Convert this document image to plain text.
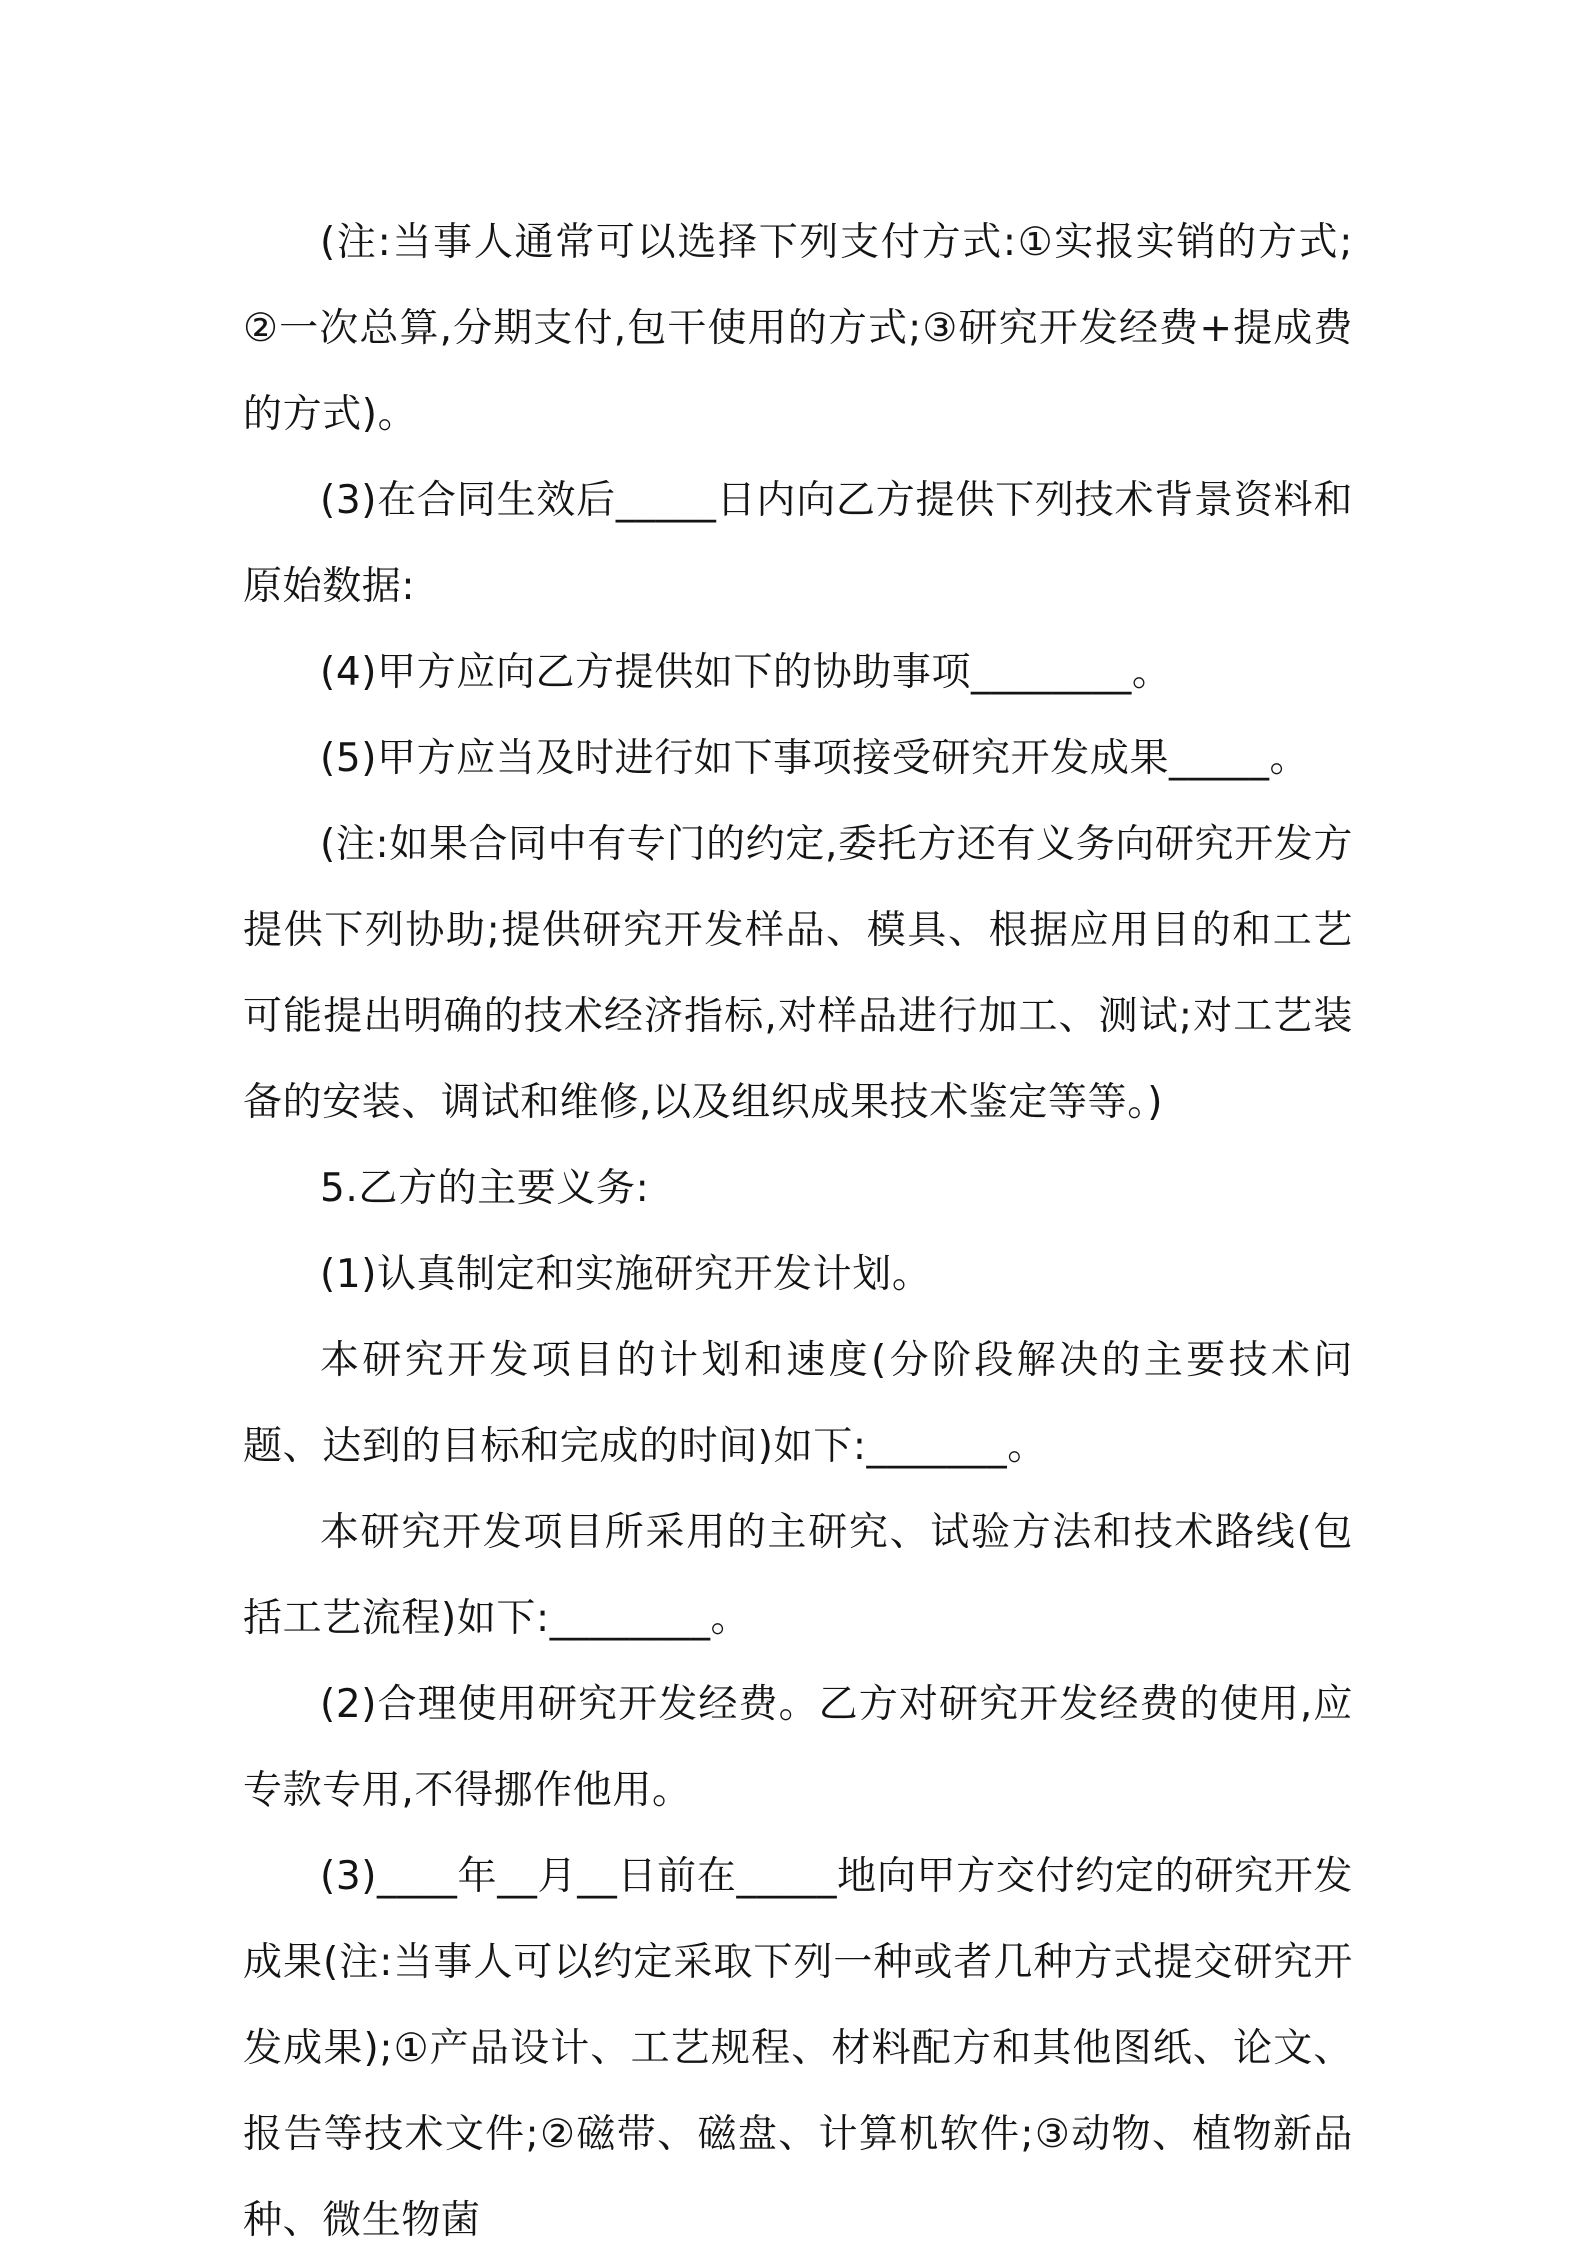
(注:当事人通常可以选择下列支付方式:①实报实销的方式;②一次总算,分期支付,包干使用的方式;③研究开发经费+提成费的方式)。

(3)在合同生效后_____日内向乙方提供下列技术背景资料和原始数据:

(4)甲方应向乙方提供如下的协助事项________。

(5)甲方应当及时进行如下事项接受研究开发成果_____。

(注:如果合同中有专门的约定,委托方还有义务向研究开发方提供下列协助;提供研究开发样品、模具、根据应用目的和工艺可能提出明确的技术经济指标,对样品进行加工、测试;对工艺装备的安装、调试和维修,以及组织成果技术鉴定等等。)

5.乙方的主要义务:

(1)认真制定和实施研究开发计划。

本研究开发项目的计划和速度(分阶段解决的主要技术问题、达到的目标和完成的时间)如下:_______。

本研究开发项目所采用的主研究、试验方法和技术路线(包括工艺流程)如下:________。

(2)合理使用研究开发经费。乙方对研究开发经费的使用,应专款专用,不得挪作他用。

(3)____年__月__日前在_____地向甲方交付约定的研究开发成果(注:当事人可以约定采取下列一种或者几种方式提交研究开发成果);①产品设计、工艺规程、材料配方和其他图纸、论文、报告等技术文件;②磁带、磁盘、计算机软件;③动物、植物新品种、微生物菌
